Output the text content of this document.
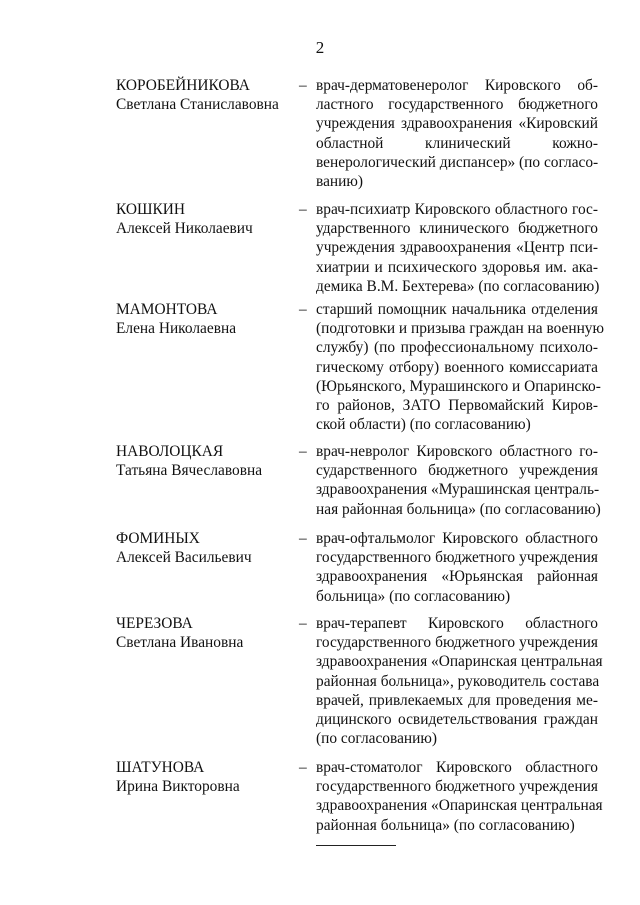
2
КОРОБЕЙНИКОВА
Светлана Станиславовна
– врач-дерматовенеролог Кировского об-
ластного государственного бюджетного
учреждения здравоохранения «Кировский
областной клинический кожно-
венерологический диспансер» (по согласо-
ванию)
КОШКИН
Алексей Николаевич
– врач-психиатр Кировского областного гос-
ударственного клинического бюджетного
учреждения здравоохранения «Центр пси-
хиатрии и психического здоровья им. ака-
демика В.М. Бехтерева» (по согласованию)
МАМОНТОВА
Елена Николаевна
– старший помощник начальника отделения
(подготовки и призыва граждан на военную
службу) (по профессиональному психоло-
гическому отбору) военного комиссариата
(Юрьянского, Мурашинского и Опаринско-
го районов, ЗАТО Первомайский Киров-
ской области) (по согласованию)
НАВОЛОЦКАЯ
Татьяна Вячеславовна
– врач-невролог Кировского областного го-
сударственного бюджетного учреждения
здравоохранения «Мурашинская централь-
ная районная больница» (по согласованию)
ФОМИНЫХ
Алексей Васильевич
– врач-офтальмолог Кировского областного
государственного бюджетного учреждения
здравоохранения «Юрьянская районная
больница» (по согласованию)
ЧЕРЕЗОВА
Светлана Ивановна
– врач-терапевт Кировского областного
государственного бюджетного учреждения
здравоохранения «Опаринская центральная
районная больница», руководитель состава
врачей, привлекаемых для проведения ме-
дицинского освидетельствования граждан
(по согласованию)
ШАТУНОВА
Ирина Викторовна
– врач-стоматолог Кировского областного
государственного бюджетного учреждения
здравоохранения «Опаринская центральная
районная больница» (по согласованию)
